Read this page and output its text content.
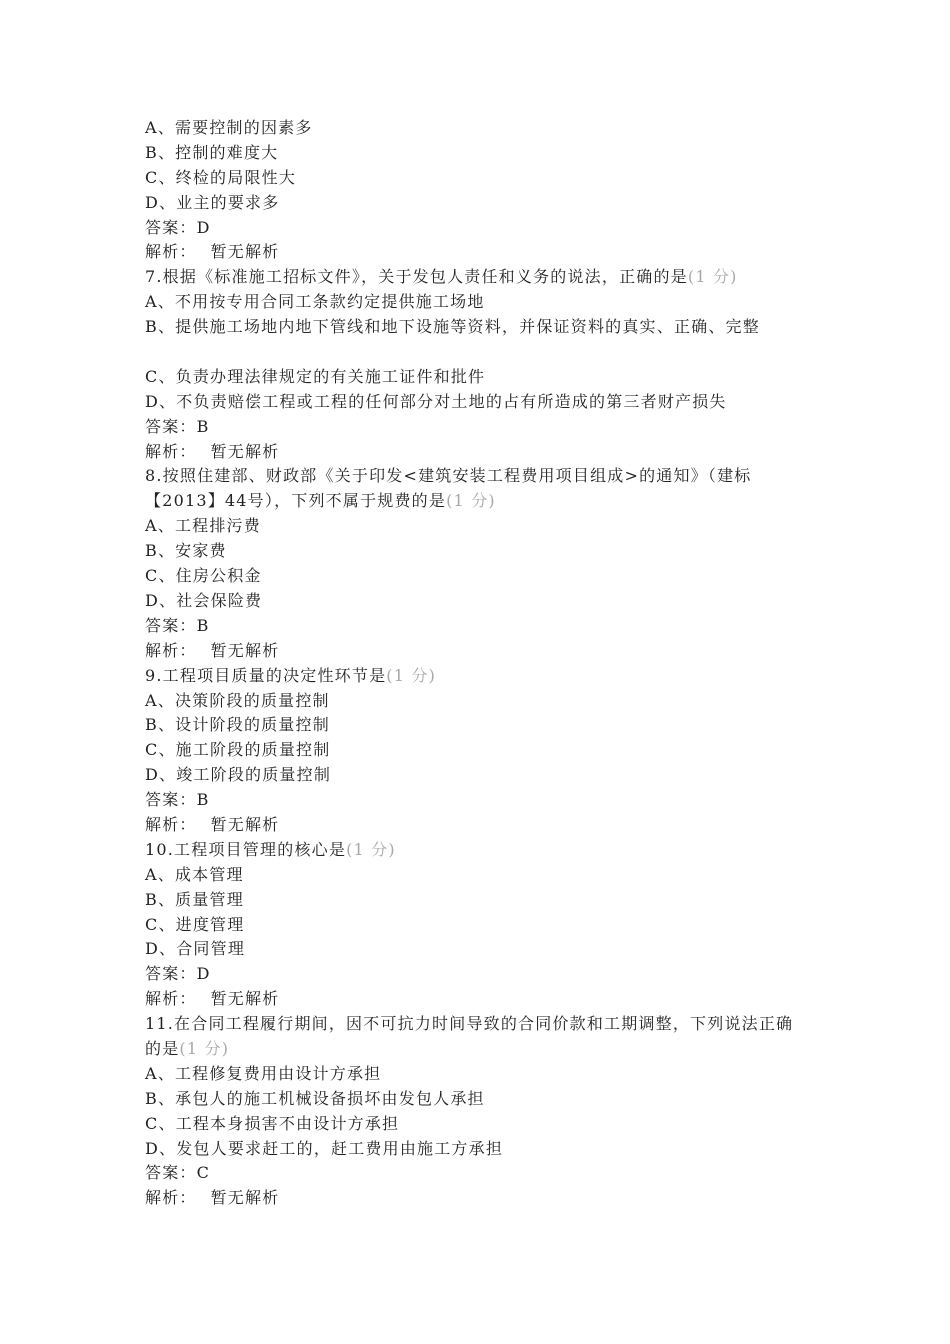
A、需要控制的因素多
B、控制的难度大
C、终检的局限性大
D、业主的要求多
答案：D
解析： 暂无解析
7.根据《标准施工招标文件》，关于发包人责任和义务的说法，正确的是(1 分)
A、不用按专用合同工条款约定提供施工场地
B、提供施工场地内地下管线和地下设施等资料，并保证资料的真实、正确、完整
C、负责办理法律规定的有关施工证件和批件
D、不负责赔偿工程或工程的任何部分对土地的占有所造成的第三者财产损失
答案：B
解析： 暂无解析
8.按照住建部、财政部《关于印发<建筑安装工程费用项目组成>的通知》（建标【2013】44号），下列不属于规费的是(1 分)
A、工程排污费
B、安家费
C、住房公积金
D、社会保险费
答案：B
解析： 暂无解析
9.工程项目质量的决定性环节是(1 分)
A、决策阶段的质量控制
B、设计阶段的质量控制
C、施工阶段的质量控制
D、竣工阶段的质量控制
答案：B
解析： 暂无解析
10.工程项目管理的核心是(1 分)
A、成本管理
B、质量管理
C、进度管理
D、合同管理
答案：D
解析： 暂无解析
11.在合同工程履行期间，因不可抗力时间导致的合同价款和工期调整，下列说法正确的是(1 分)
A、工程修复费用由设计方承担
B、承包人的施工机械设备损坏由发包人承担
C、工程本身损害不由设计方承担
D、发包人要求赶工的，赶工费用由施工方承担
答案：C
解析： 暂无解析
